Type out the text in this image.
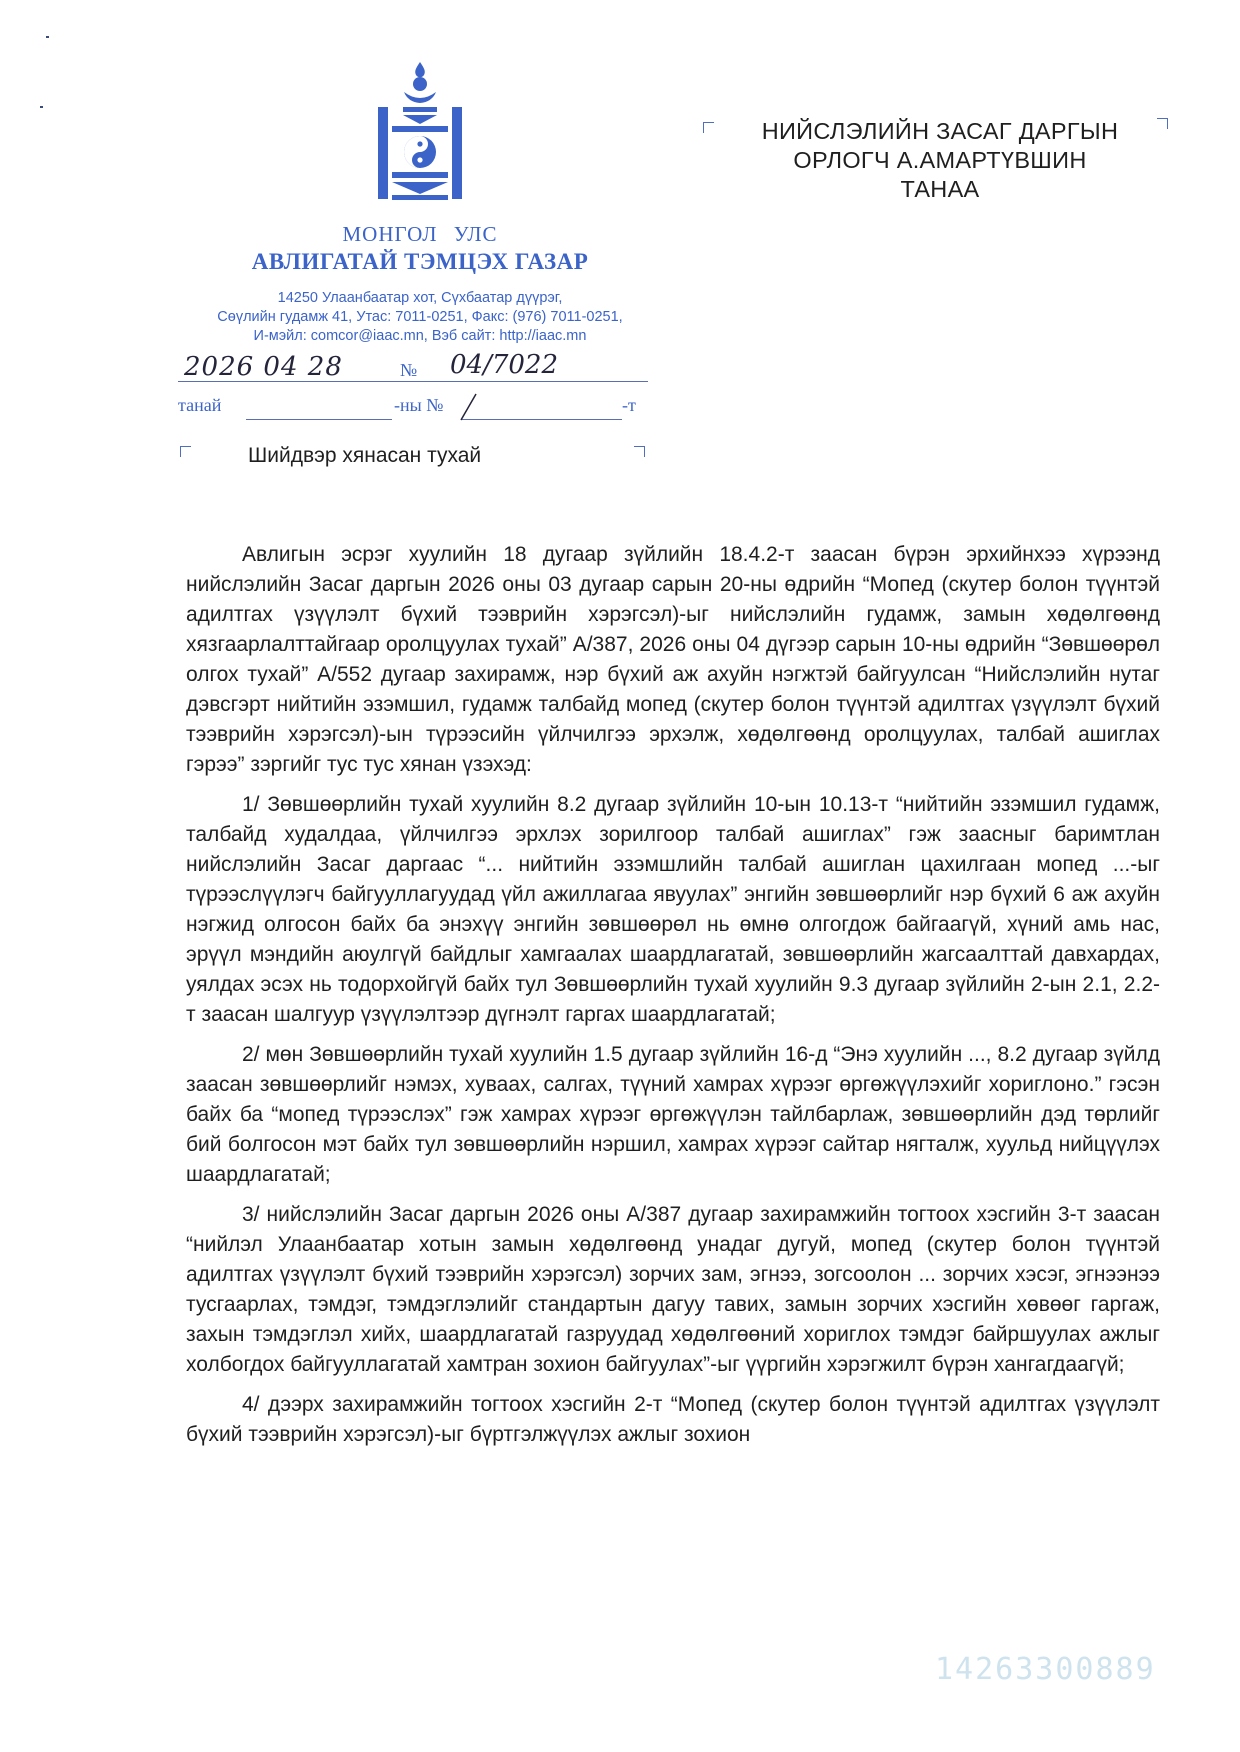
МОНГОЛ УЛС
АВЛИГАТАЙ ТЭМЦЭХ ГАЗАР
14250 Улаанбаатар хот, Сүхбаатар дүүрэг,
Сөүлийн гудамж 41, Утас: 7011-0251, Факс: (976) 7011-0251,
И-мэйл: comcor@iaac.mn, Вэб сайт: http://iaac.mn
2026 04 28	№ 04/7022
танай	-ны №	-т
НИЙСЛЭЛИЙН ЗАСАГ ДАРГЫН
ОРЛОГЧ А.АМАРТҮВШИН
ТАНАА
Шийдвэр хянасан тухай

Авлигын эсрэг хуулийн 18 дугаар зүйлийн 18.4.2-т заасан бүрэн эрхийнхээ хүрээнд нийслэлийн Засаг даргын 2026 оны 03 дугаар сарын 20-ны өдрийн “Мопед (скутер болон түүнтэй адилтгах үзүүлэлт бүхий тээврийн хэрэгсэл)-ыг нийслэлийн гудамж, замын хөдөлгөөнд хязгаарлалттайгаар оролцуулах тухай” А/387, 2026 оны 04 дүгээр сарын 10-ны өдрийн “Зөвшөөрөл олгох тухай” А/552 дугаар захирамж, нэр бүхий аж ахуйн нэгжтэй байгуулсан “Нийслэлийн нутаг дэвсгэрт нийтийн эзэмшил, гудамж талбайд мопед (скутер болон түүнтэй адилтгах үзүүлэлт бүхий тээврийн хэрэгсэл)-ын түрээсийн үйлчилгээ эрхэлж, хөдөлгөөнд оролцуулах, талбай ашиглах гэрээ” зэргийг тус тус хянан үзэхэд:

1/ Зөвшөөрлийн тухай хуулийн 8.2 дугаар зүйлийн 10-ын 10.13-т “нийтийн эзэмшил гудамж, талбайд худалдаа, үйлчилгээ эрхлэх зорилгоор талбай ашиглах” гэж заасныг баримтлан нийслэлийн Засаг даргаас “... нийтийн эзэмшлийн талбай ашиглан цахилгаан мопед ...-ыг түрээслүүлэгч байгууллагуудад үйл ажиллагаа явуулах” энгийн зөвшөөрлийг нэр бүхий 6 аж ахуйн нэгжид олгосон байх ба энэхүү энгийн зөвшөөрөл нь өмнө олгогдож байгаагүй, хүний амь нас, эрүүл мэндийн аюулгүй байдлыг хамгаалах шаардлагатай, зөвшөөрлийн жагсаалттай давхардах, уялдах эсэх нь тодорхойгүй байх тул Зөвшөөрлийн тухай хуулийн 9.3 дугаар зүйлийн 2-ын 2.1, 2.2-т заасан шалгуур үзүүлэлтээр дүгнэлт гаргах шаардлагатай;

2/ мөн Зөвшөөрлийн тухай хуулийн 1.5 дугаар зүйлийн 16-д “Энэ хуулийн ..., 8.2 дугаар зүйлд заасан зөвшөөрлийг нэмэх, хуваах, салгах, түүний хамрах хүрээг өргөжүүлэхийг хориглоно.” гэсэн байх ба “мопед түрээслэх” гэж хамрах хүрээг өргөжүүлэн тайлбарлаж, зөвшөөрлийн дэд төрлийг бий болгосон мэт байх тул зөвшөөрлийн нэршил, хамрах хүрээг сайтар нягталж, хуульд нийцүүлэх шаардлагатай;

3/ нийслэлийн Засаг даргын 2026 оны А/387 дугаар захирамжийн тогтоох хэсгийн 3-т заасан “нийлэл Улаанбаатар хотын замын хөдөлгөөнд унадаг дугуй, мопед (скутер болон түүнтэй адилтгах үзүүлэлт бүхий тээврийн хэрэгсэл) зорчих зам, эгнээ, зогсоолон ... зорчих хэсэг, эгнээнээ тусгаарлах, тэмдэг, тэмдэглэлийг стандартын дагуу тавих, замын зорчих хэсгийн хөвөөг гаргаж, захын тэмдэглэл хийх, шаардлагатай газруудад хөдөлгөөний хориглох тэмдэг байршуулах ажлыг холбогдох байгууллагатай хамтран зохион байгуулах”-ыг үүргийн хэрэгжилт бүрэн хангагдаагүй;

4/ дээрх захирамжийн тогтоох хэсгийн 2-т “Мопед (скутер болон түүнтэй адилтгах үзүүлэлт бүхий тээврийн хэрэгсэл)-ыг бүртгэлжүүлэх ажлыг зохион

14263300889
